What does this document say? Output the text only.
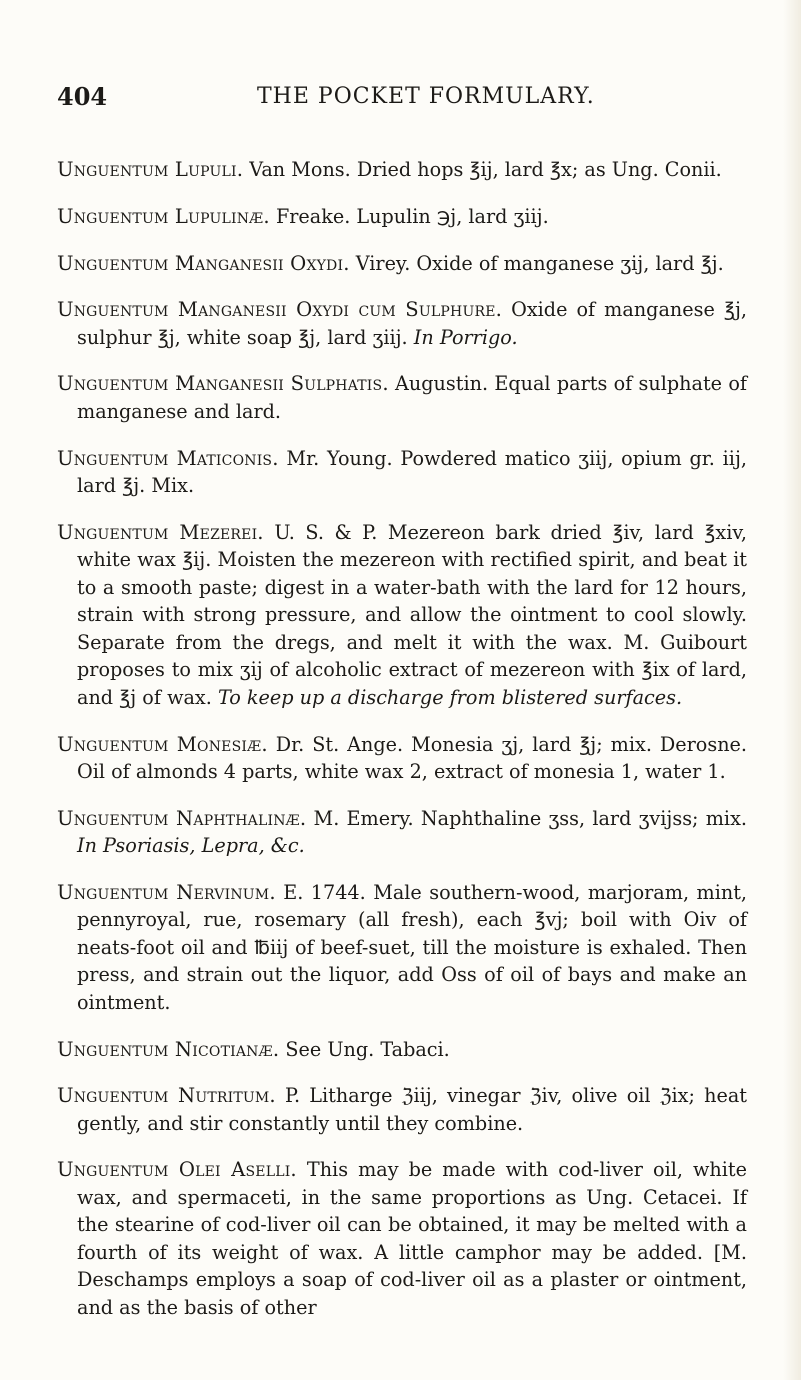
404	THE POCKET FORMULARY.

Unguentum Lupuli. Van Mons. Dried hops ℥ij, lard ℥x; as Ung. Conii.

Unguentum Lupulinæ. Freake. Lupulin ℈j, lard ʒiij.

Unguentum Manganesii Oxydi. Virey. Oxide of manganese ʒij, lard ℥j.

Unguentum Manganesii Oxydi cum Sulphure. Oxide of manganese ℥j, sulphur ℥j, white soap ℥j, lard ʒiij. In Porrigo.

Unguentum Manganesii Sulphatis. Augustin. Equal parts of sulphate of manganese and lard.

Unguentum Maticonis. Mr. Young. Powdered matico ʒiij, opium gr. iij, lard ℥j. Mix.

Unguentum Mezerei. U. S. & P. Mezereon bark dried ℥iv, lard ℥xiv, white wax ℥ij. Moisten the mezereon with rectified spirit, and beat it to a smooth paste; digest in a water-bath with the lard for 12 hours, strain with strong pressure, and allow the ointment to cool slowly. Separate from the dregs, and melt it with the wax. M. Guibourt proposes to mix ʒij of alcoholic extract of mezereon with ℥ix of lard, and ℥j of wax. To keep up a discharge from blistered surfaces.

Unguentum Monesiæ. Dr. St. Ange. Monesia ʒj, lard ℥j; mix. Derosne. Oil of almonds 4 parts, white wax 2, extract of monesia 1, water 1.

Unguentum Naphthalinæ. M. Emery. Naphthaline ʒss, lard ʒvijss; mix. In Psoriasis, Lepra, &c.

Unguentum Nervinum. E. 1744. Male southern-wood, marjoram, mint, pennyroyal, rue, rosemary (all fresh), each ℥vj; boil with Oiv of neats-foot oil and ℔iij of beef-suet, till the moisture is exhaled. Then press, and strain out the liquor, add Oss of oil of bays and make an ointment.

Unguentum Nicotianæ. See Ung. Tabaci.

Unguentum Nutritum. P. Litharge ℨiij, vinegar ℨiv, olive oil ℨix; heat gently, and stir constantly until they combine.

Unguentum Olei Aselli. This may be made with cod-liver oil, white wax, and spermaceti, in the same proportions as Ung. Cetacei. If the stearine of cod-liver oil can be obtained, it may be melted with a fourth of its weight of wax. A little camphor may be added. [M. Deschamps employs a soap of cod-liver oil as a plaster or ointment, and as the basis of other
